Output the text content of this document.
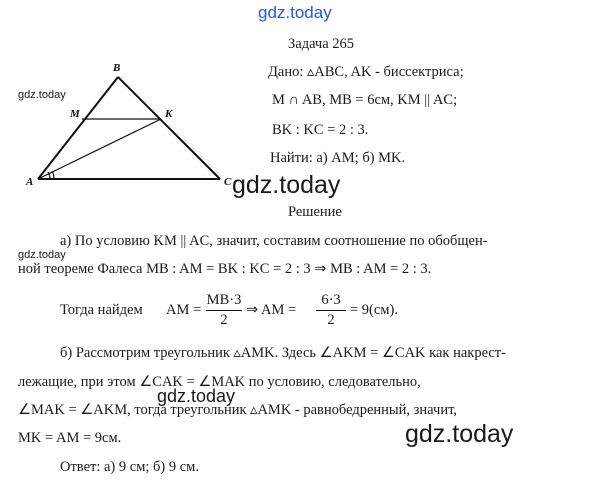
gdz.today
gdz.today
gdz.today
gdz.today
gdz.today
gdz.today
B
M	K
A	C
Задача 265
Дано: ▵ABC, AK - биссектриса;
M ∩ AB, MB = 6см, KM || AC;
BK : KC = 2 : 3.
Найти: а) AM; б) MK.
Решение
а) По условию KM || AC, значит, составим соотношение по обобщен-
ной теореме Фалеса MB : AM = BK : KC = 2 : 3 ⇒ MB : AM = 2 : 3.
Тогда найдем AM =
MB·3
2
⇒ AM =
6·3
2
= 9(см).
б) Рассмотрим треугольник ▵AMK. Здесь ∠AKM = ∠CAK как накрест-
лежащие, при этом ∠CAK = ∠MAK по условию, следовательно,
∠MAK = ∠AKM, тогда треугольник ▵AMK - равнобедренный, значит,
MK = AM = 9см.
Ответ: а) 9 см; б) 9 см.
